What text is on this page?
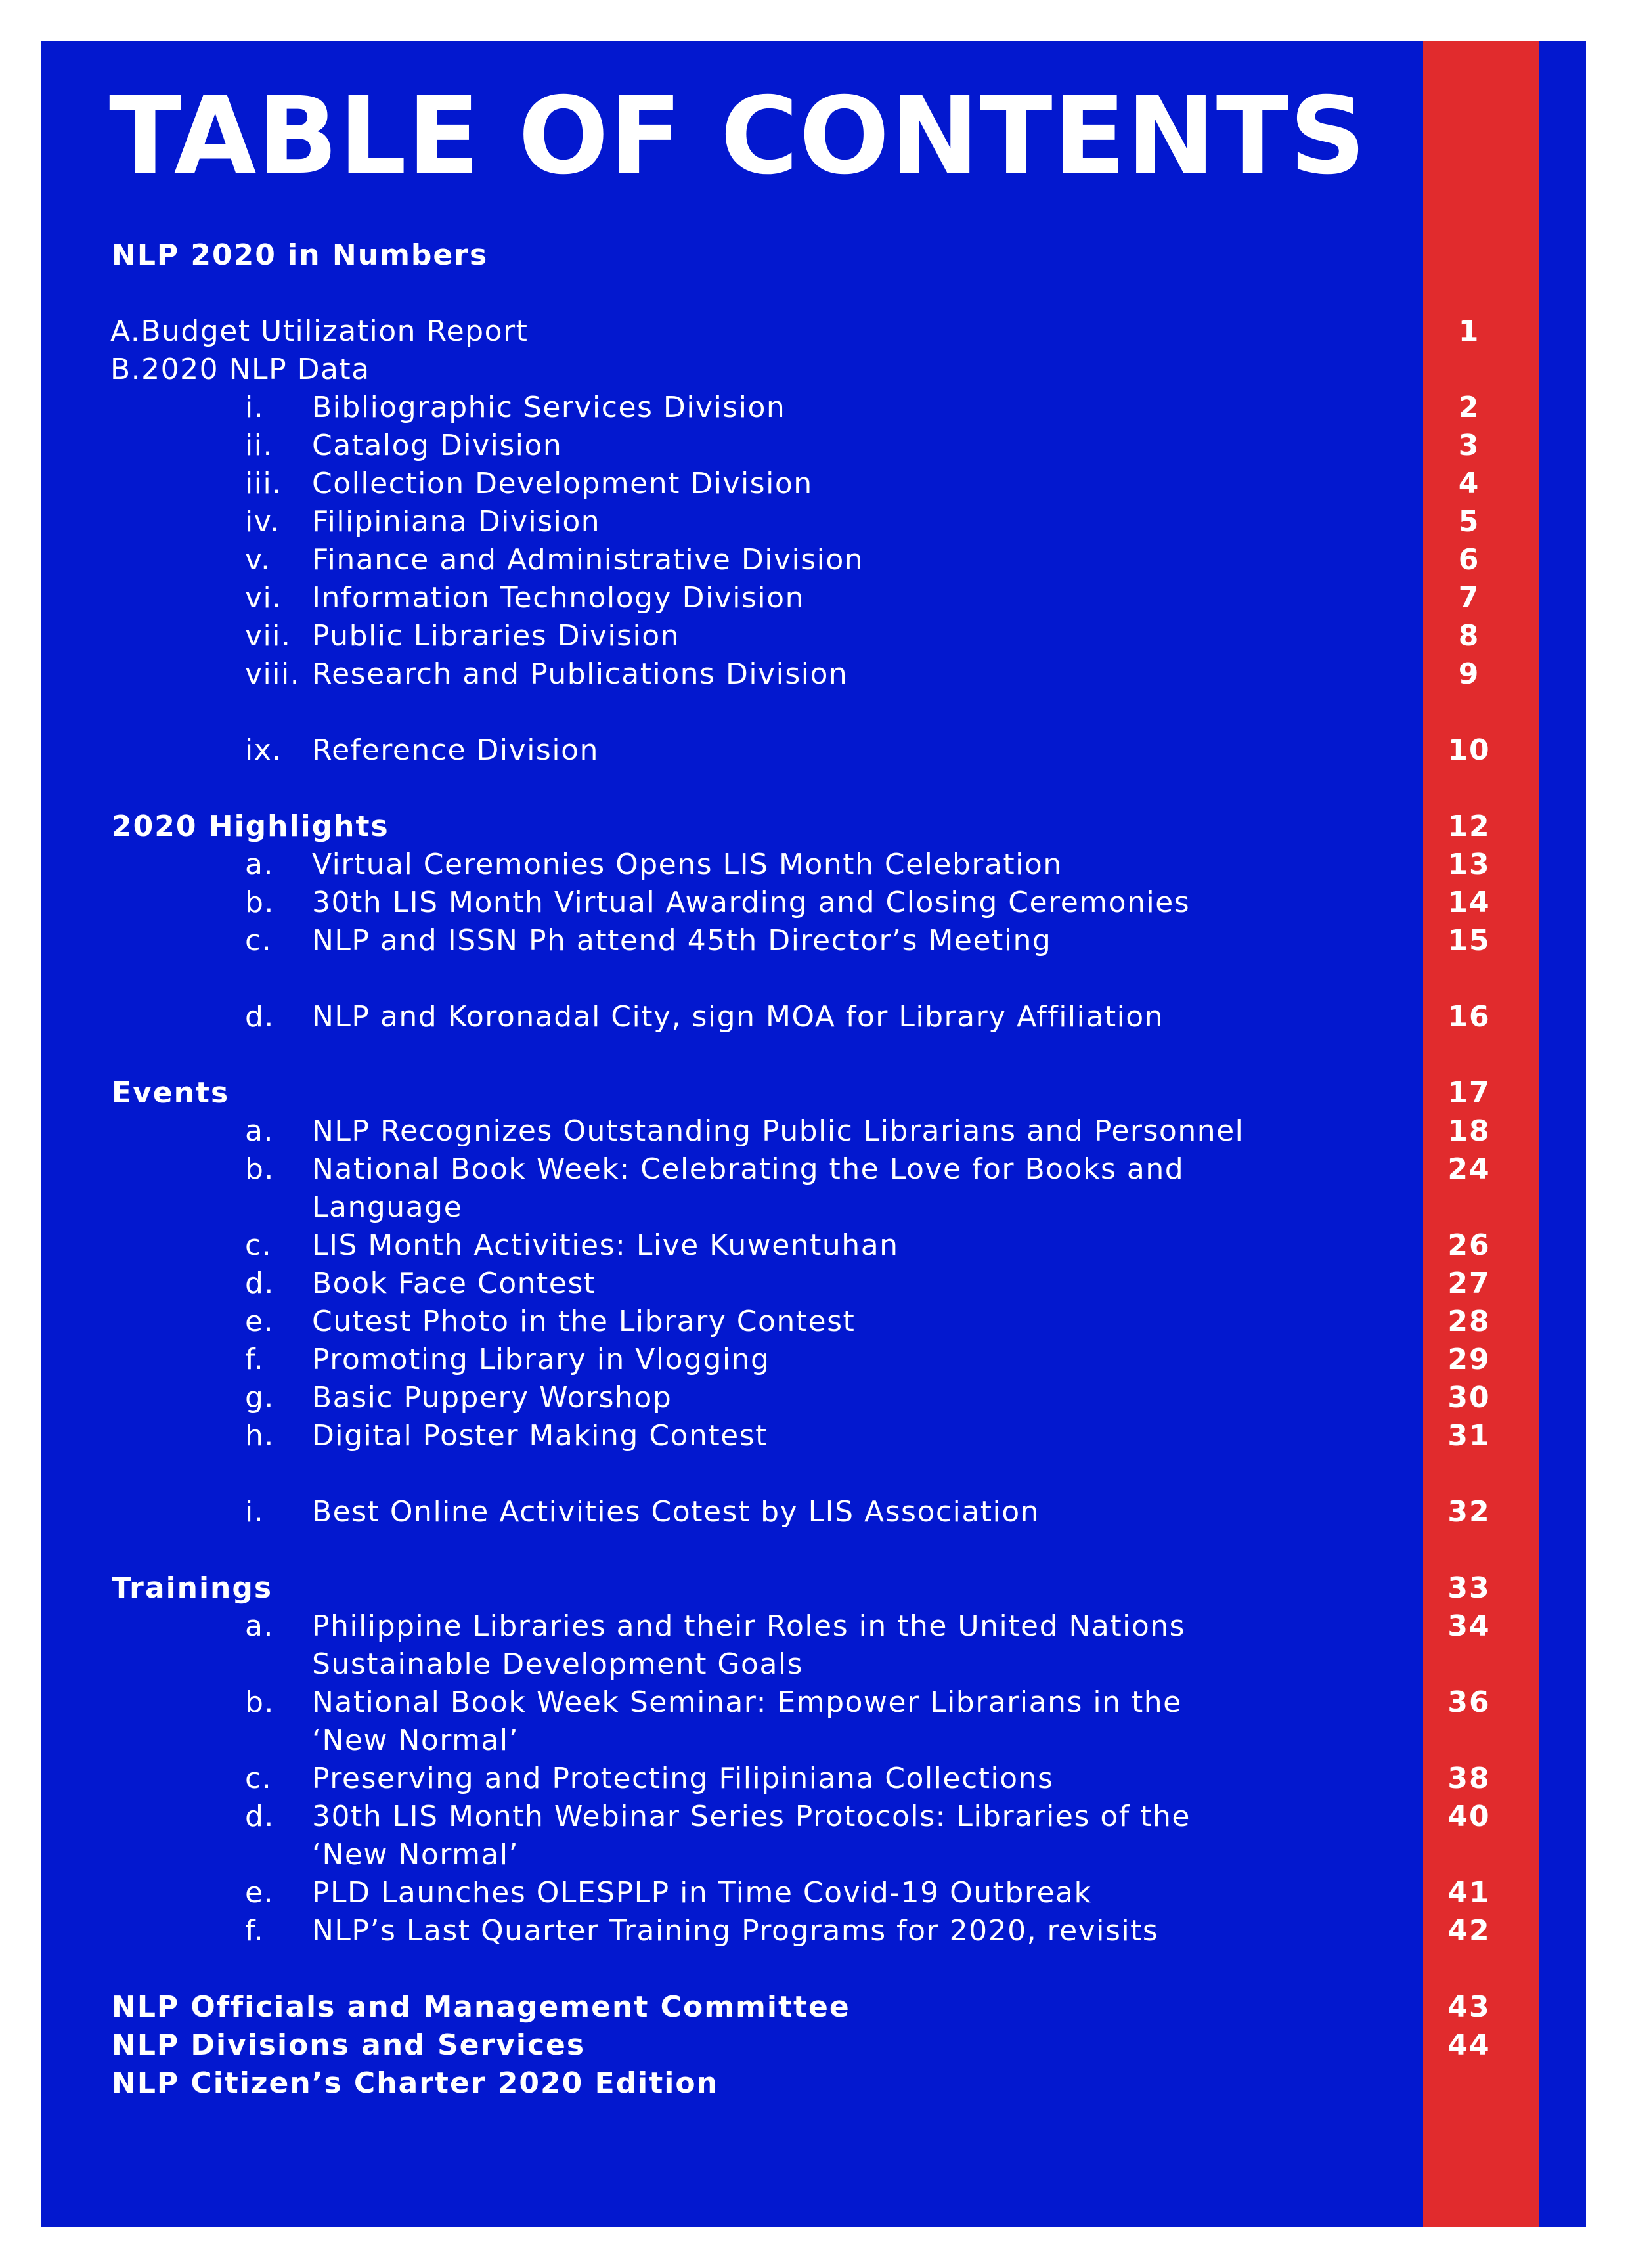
TABLE OF CONTENTS
NLP 2020 in Numbers
A.Budget Utilization Report	1
B.2020 NLP Data
i. Bibliographic Services Division	2
ii. Catalog Division	3
iii. Collection Development Division	4
iv. Filipiniana Division	5
v. Finance and Administrative Division	6
vi. Information Technology Division	7
vii. Public Libraries Division	8
viii. Research and Publications Division	9
ix. Reference Division	10
2020 Highlights	12
a. Virtual Ceremonies Opens LIS Month Celebration	13
b. 30th LIS Month Virtual Awarding and Closing Ceremonies	14
c. NLP and ISSN Ph attend 45th Director’s Meeting	15
d. NLP and Koronadal City, sign MOA for Library Affiliation	16
Events	17
a. NLP Recognizes Outstanding Public Librarians and Personnel	18
b. National Book Week: Celebrating the Love for Books and	24
Language
c. LIS Month Activities: Live Kuwentuhan	26
d. Book Face Contest	27
e. Cutest Photo in the Library Contest	28
f. Promoting Library in Vlogging	29
g. Basic Puppery Worshop	30
h. Digital Poster Making Contest	31
i. Best Online Activities Cotest by LIS Association	32
Trainings	33
a. Philippine Libraries and their Roles in the United Nations	34
Sustainable Development Goals
b. National Book Week Seminar: Empower Librarians in the	36
‘New Normal’
c. Preserving and Protecting Filipiniana Collections	38
d. 30th LIS Month Webinar Series Protocols: Libraries of the	40
‘New Normal’
e. PLD Launches OLESPLP in Time Covid-19 Outbreak	41
f. NLP’s Last Quarter Training Programs for 2020, revisits	42
NLP Officials and Management Committee	43
NLP Divisions and Services	44
NLP Citizen’s Charter 2020 Edition
